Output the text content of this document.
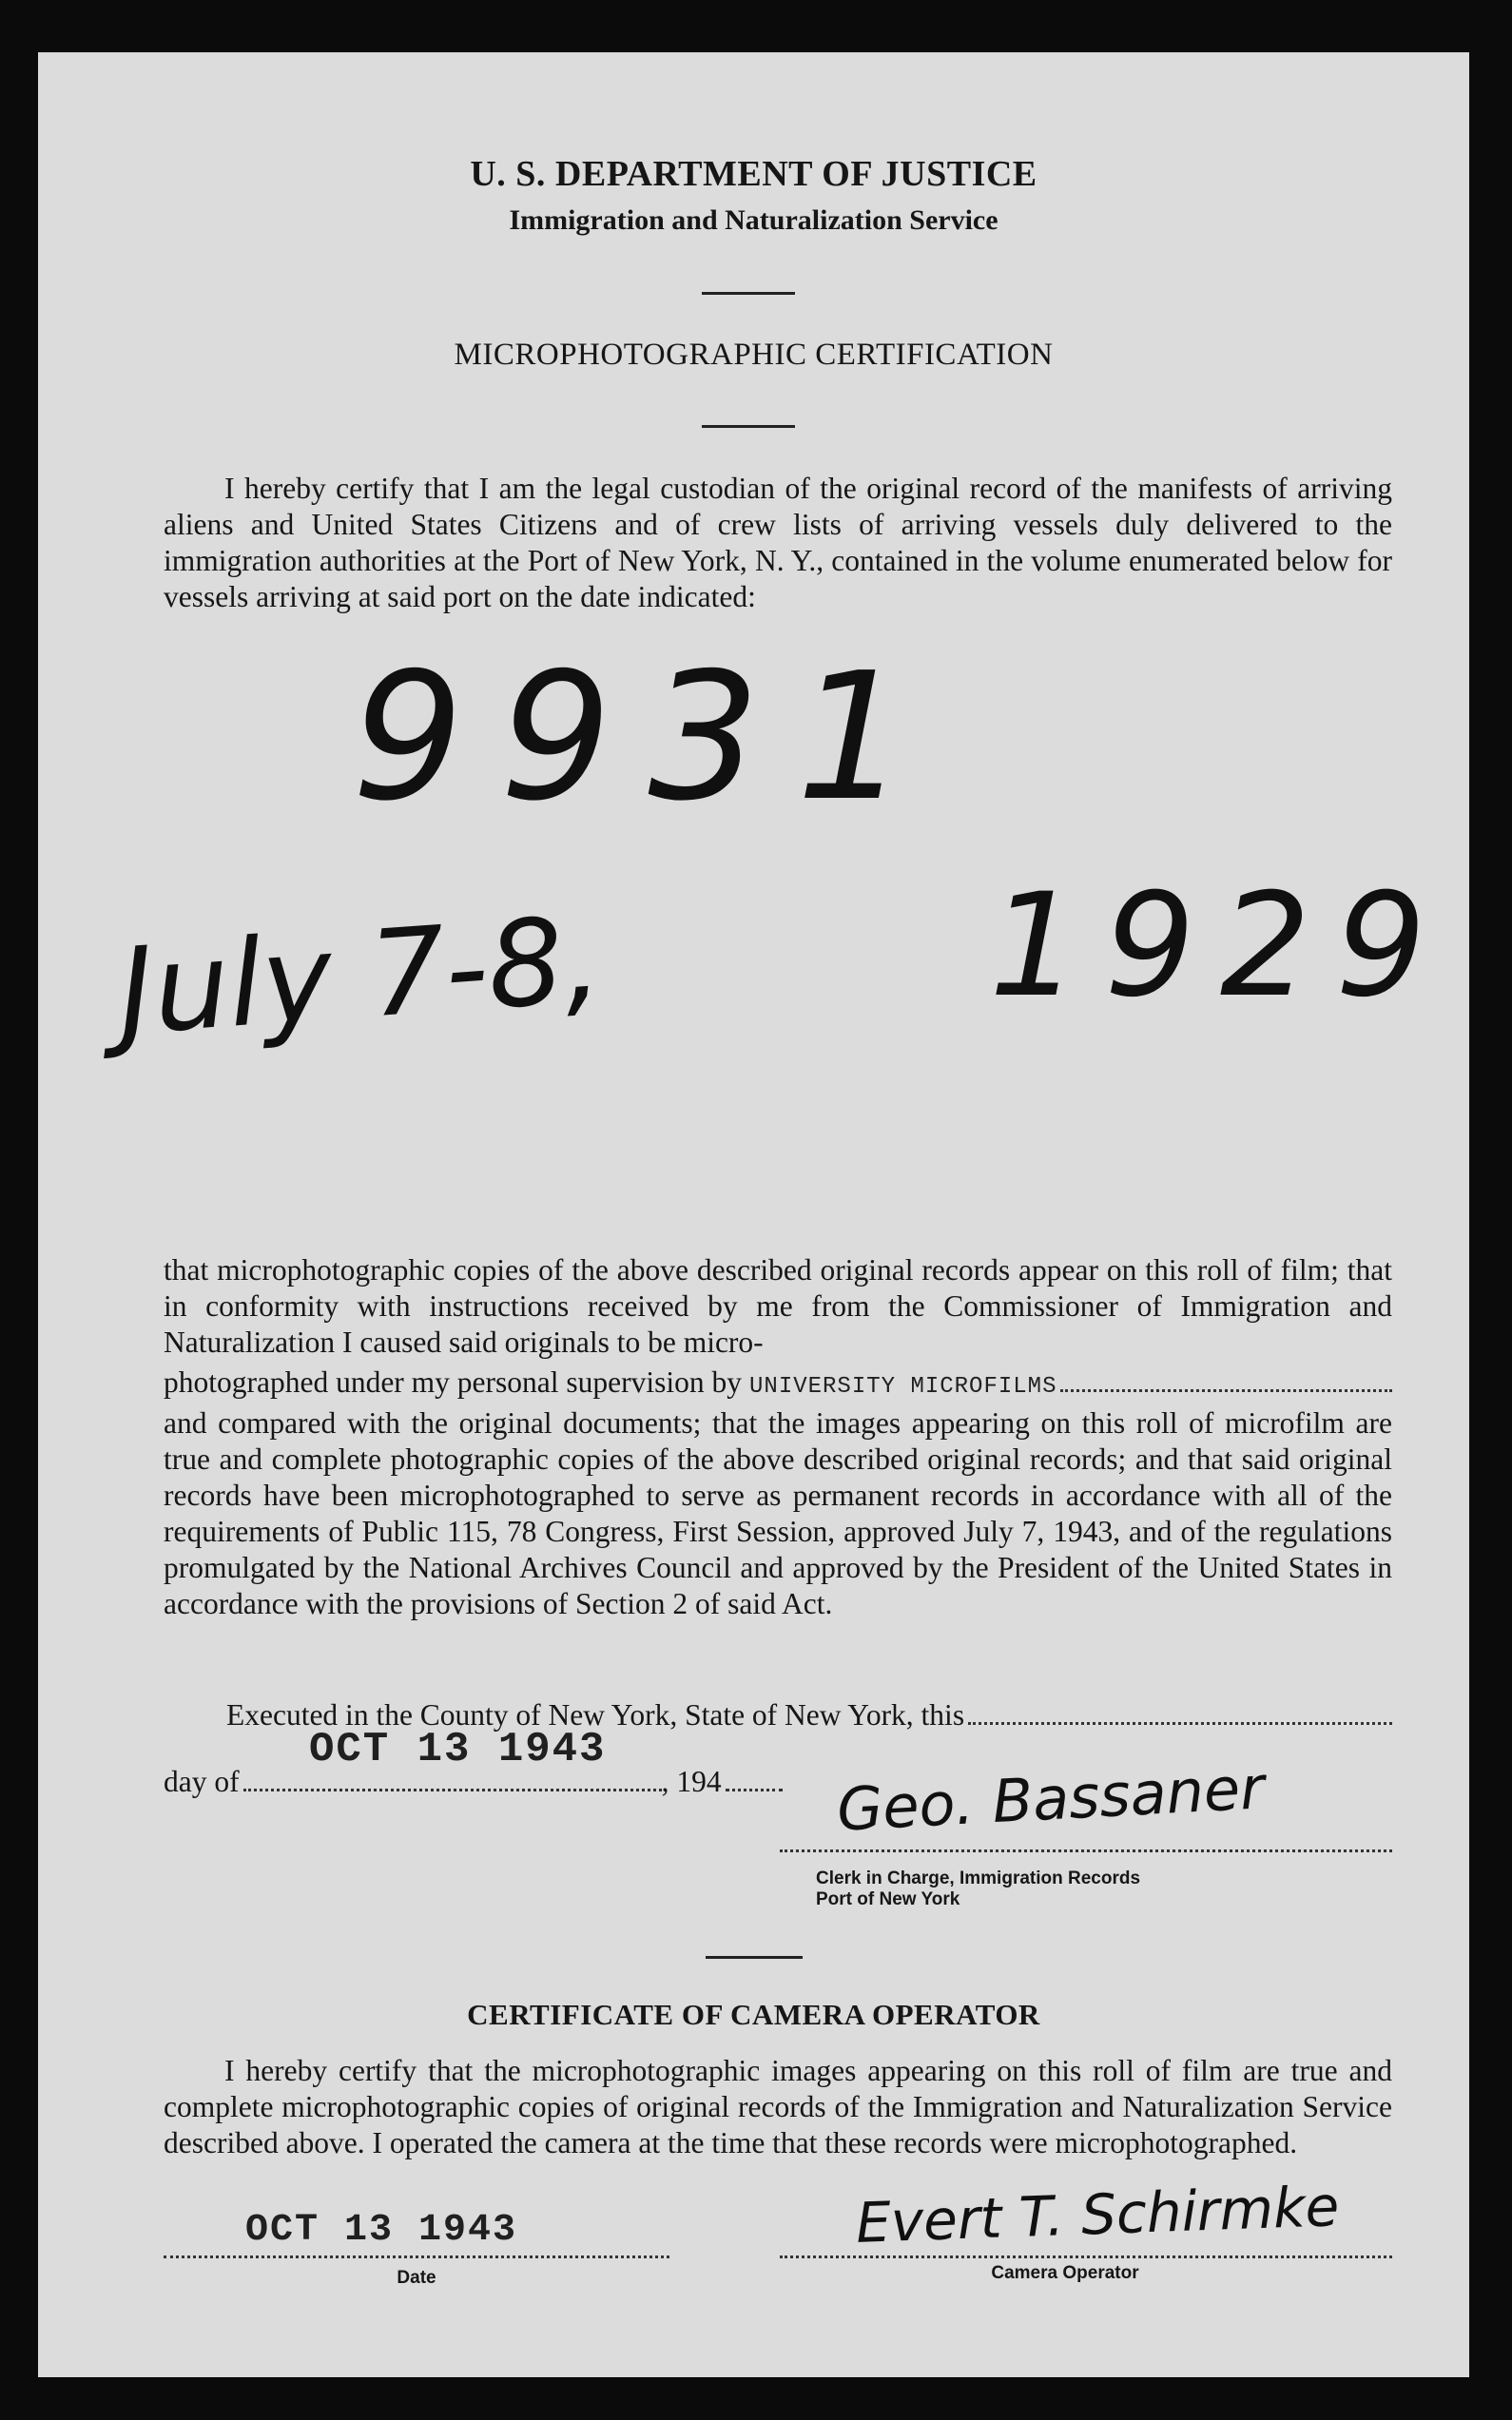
U. S. DEPARTMENT OF JUSTICE
Immigration and Naturalization Service
MICROPHOTOGRAPHIC CERTIFICATION
I hereby certify that I am the legal custodian of the original record of the manifests of arriving aliens and United States Citizens and of crew lists of arriving vessels duly delivered to the immigration authorities at the Port of New York, N. Y., contained in the volume enumerated below for vessels arriving at said port on the date indicated:
9931
July 7-8,	1929

that microphotographic copies of the above described original records appear on this roll of film; that in conformity with instructions received by me from the Commissioner of Immigration and Naturalization I caused said originals to be micro-

photographed under my personal supervision by UNIVERSITY MICROFILMS

and compared with the original documents; that the images appearing on this roll of microfilm are true and complete photographic copies of the above described original records; and that said original records have been microphotographed to serve as permanent records in accordance with all of the requirements of Public 115, 78 Congress, First Session, approved July 7, 1943, and of the regulations promulgated by the National Archives Council and approved by the President of the United States in accordance with the provisions of Section 2 of said Act.

Executed in the County of New York, State of New York, this
OCT 13 1943
day of	, 194 Geo. Bassaner
Clerk in Charge, Immigration Records
Port of New York
CERTIFICATE OF CAMERA OPERATOR
I hereby certify that the microphotographic images appearing on this roll of film are true and complete microphotographic copies of original records of the Immigration and Naturalization Service described above. I operated the camera at the time that these records were microphotographed.
OCT 13 1943
Date
Evert T. Schirmke
Camera Operator
